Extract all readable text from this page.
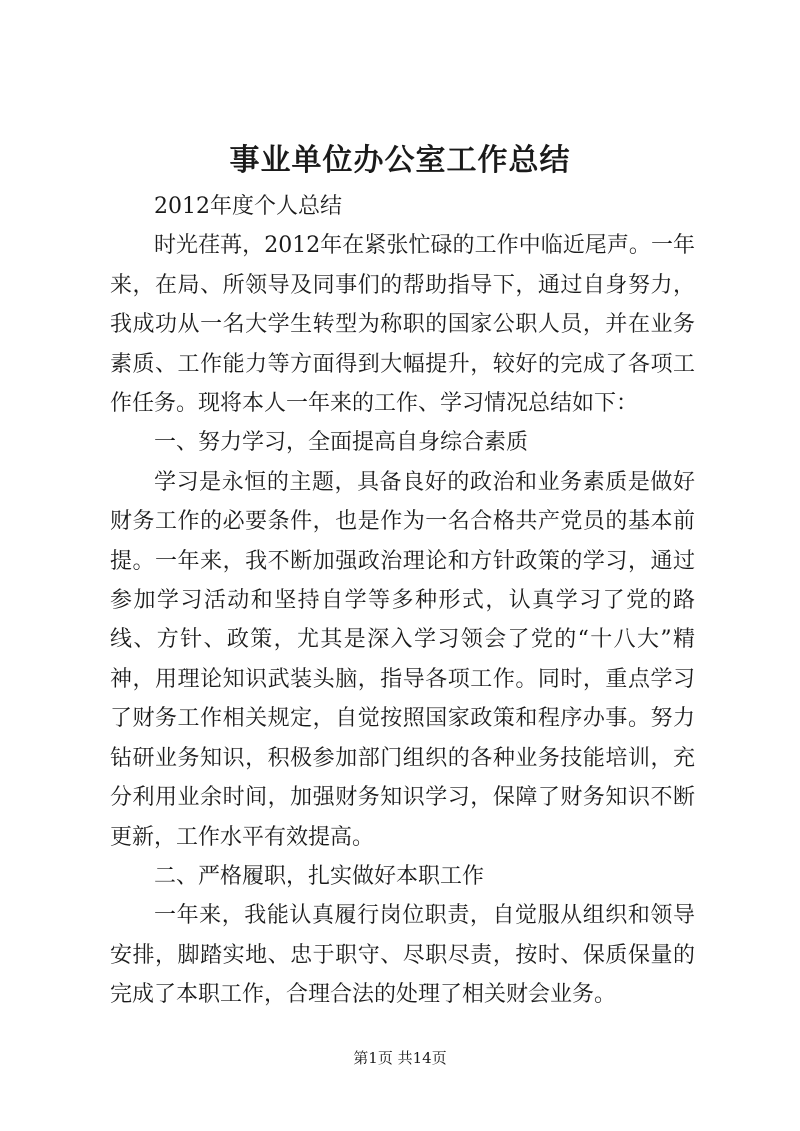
事业单位办公室工作总结

2012年度个人总结

时光荏苒，2012年在紧张忙碌的工作中临近尾声。一年来，在局、所领导及同事们的帮助指导下，通过自身努力，我成功从一名大学生转型为称职的国家公职人员，并在业务素质、工作能力等方面得到大幅提升，较好的完成了各项工作任务。现将本人一年来的工作、学习情况总结如下：

一、努力学习，全面提高自身综合素质

学习是永恒的主题，具备良好的政治和业务素质是做好财务工作的必要条件，也是作为一名合格共产党员的基本前提。一年来，我不断加强政治理论和方针政策的学习，通过参加学习活动和坚持自学等多种形式，认真学习了党的路线、方针、政策，尤其是深入学习领会了党的“十八大”精神，用理论知识武装头脑，指导各项工作。同时，重点学习了财务工作相关规定，自觉按照国家政策和程序办事。努力钻研业务知识，积极参加部门组织的各种业务技能培训，充分利用业余时间，加强财务知识学习，保障了财务知识不断更新，工作水平有效提高。

二、严格履职，扎实做好本职工作

一年来，我能认真履行岗位职责，自觉服从组织和领导安排，脚踏实地、忠于职守、尽职尽责，按时、保质保量的完成了本职工作，合理合法的处理了相关财会业务。

第1页 共14页
